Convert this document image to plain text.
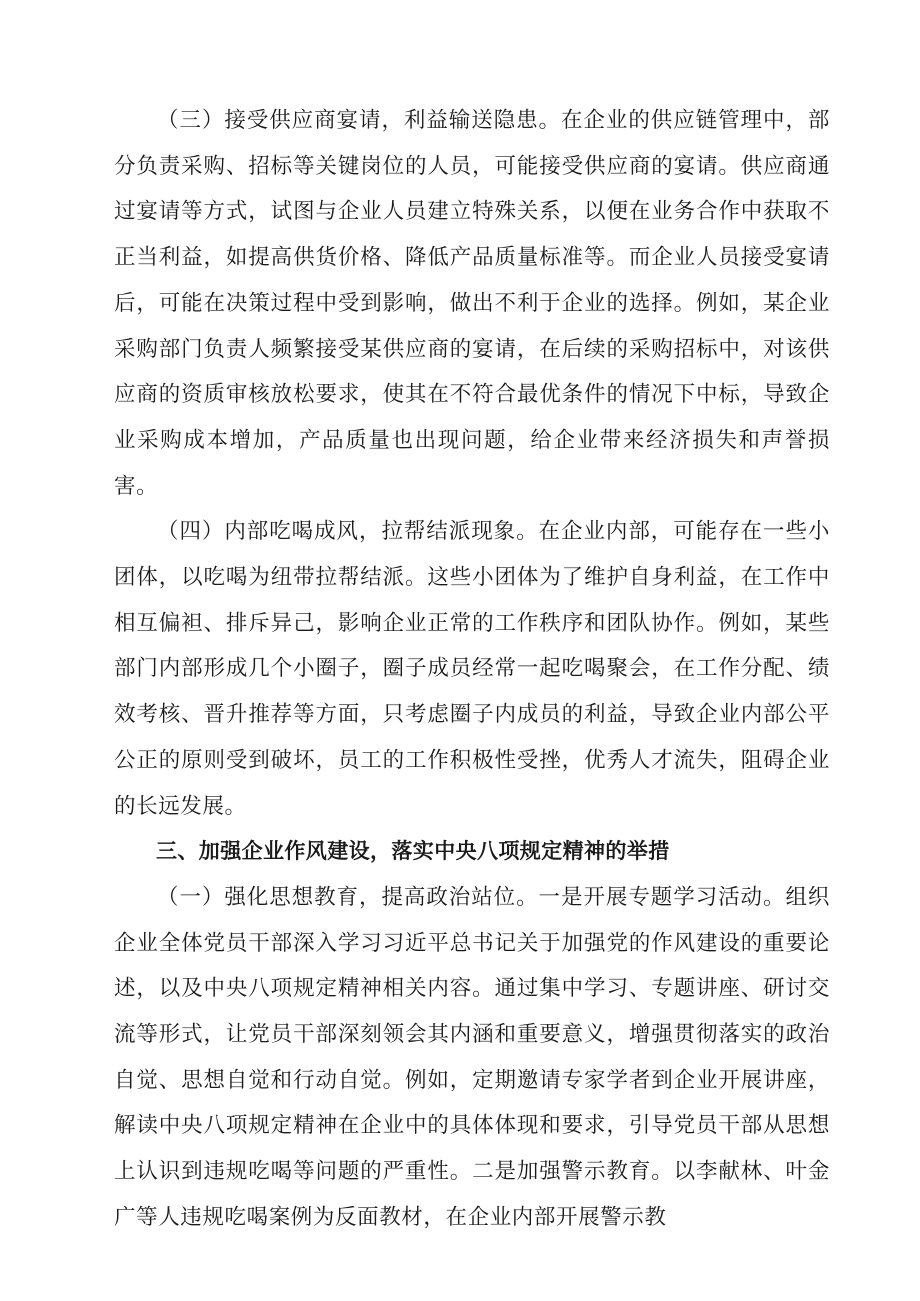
（三）接受供应商宴请，利益输送隐患。在企业的供应链管理中，部分负责采购、招标等关键岗位的人员，可能接受供应商的宴请。供应商通过宴请等方式，试图与企业人员建立特殊关系，以便在业务合作中获取不正当利益，如提高供货价格、降低产品质量标准等。而企业人员接受宴请后，可能在决策过程中受到影响，做出不利于企业的选择。例如，某企业采购部门负责人频繁接受某供应商的宴请，在后续的采购招标中，对该供应商的资质审核放松要求，使其在不符合最优条件的情况下中标，导致企业采购成本增加，产品质量也出现问题，给企业带来经济损失和声誉损害。

（四）内部吃喝成风，拉帮结派现象。在企业内部，可能存在一些小团体，以吃喝为纽带拉帮结派。这些小团体为了维护自身利益，在工作中相互偏袒、排斥异己，影响企业正常的工作秩序和团队协作。例如，某些部门内部形成几个小圈子，圈子成员经常一起吃喝聚会，在工作分配、绩效考核、晋升推荐等方面，只考虑圈子内成员的利益，导致企业内部公平公正的原则受到破坏，员工的工作积极性受挫，优秀人才流失，阻碍企业的长远发展。

三、加强企业作风建设，落实中央八项规定精神的举措

（一）强化思想教育，提高政治站位。一是开展专题学习活动。组织企业全体党员干部深入学习习近平总书记关于加强党的作风建设的重要论述，以及中央八项规定精神相关内容。通过集中学习、专题讲座、研讨交流等形式，让党员干部深刻领会其内涵和重要意义，增强贯彻落实的政治自觉、思想自觉和行动自觉。例如，定期邀请专家学者到企业开展讲座，解读中央八项规定精神在企业中的具体体现和要求，引导党员干部从思想上认识到违规吃喝等问题的严重性。二是加强警示教育。以李献林、叶金广等人违规吃喝案例为反面教材，在企业内部开展警示教
